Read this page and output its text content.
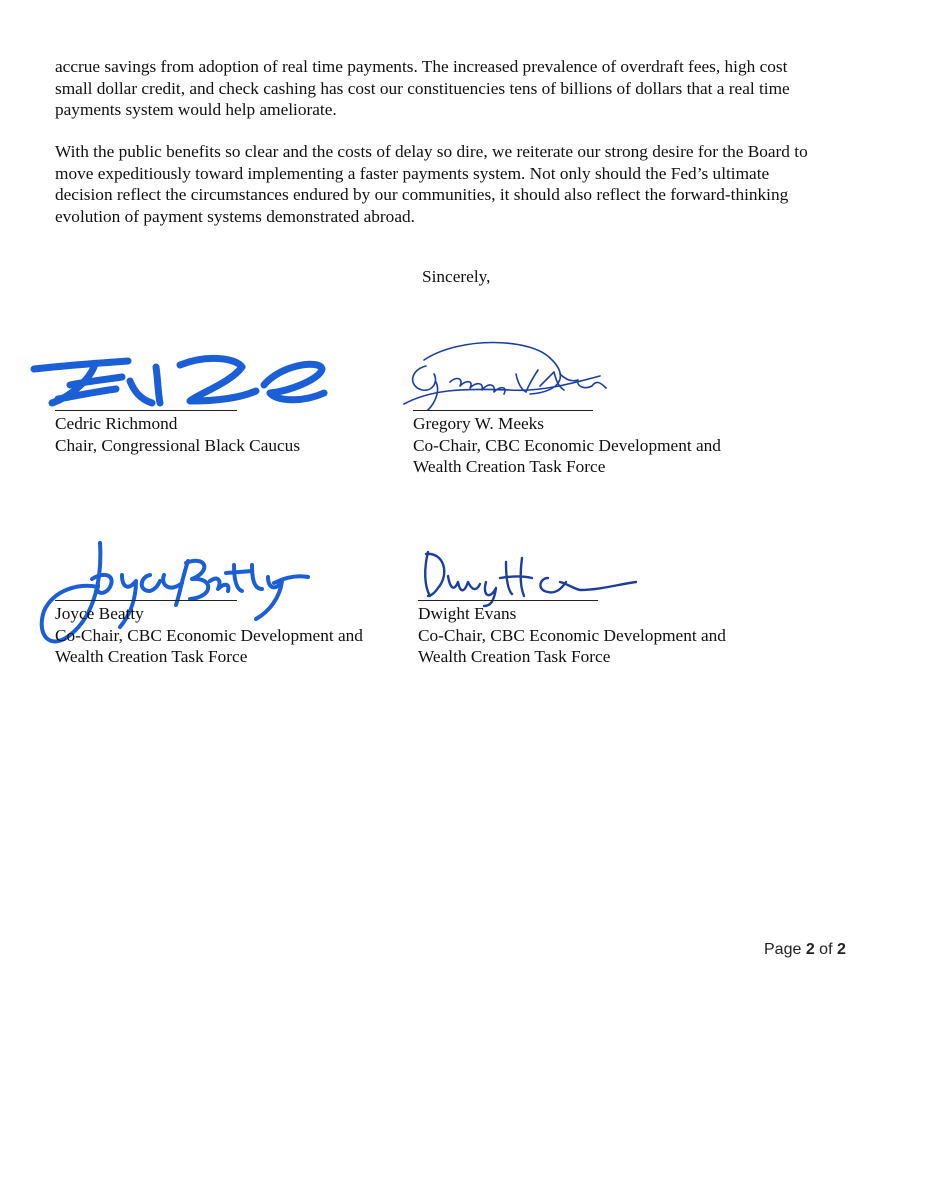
accrue savings from adoption of real time payments. The increased prevalence of overdraft fees, high cost
small dollar credit, and check cashing has cost our constituencies tens of billions of dollars that a real time
payments system would help ameliorate.

With the public benefits so clear and the costs of delay so dire, we reiterate our strong desire for the Board to
move expeditiously toward implementing a faster payments system. Not only should the Fed’s ultimate
decision reflect the circumstances endured by our communities, it should also reflect the forward-thinking
evolution of payment systems demonstrated abroad.

Sincerely,
Cedric Richmond
Chair, Congressional Black Caucus
Gregory W. Meeks
Co-Chair, CBC Economic Development and
Wealth Creation Task Force
Joyce Beatty
Co-Chair, CBC Economic Development and
Wealth Creation Task Force
Dwight Evans
Co-Chair, CBC Economic Development and
Wealth Creation Task Force
Page 2 of 2
